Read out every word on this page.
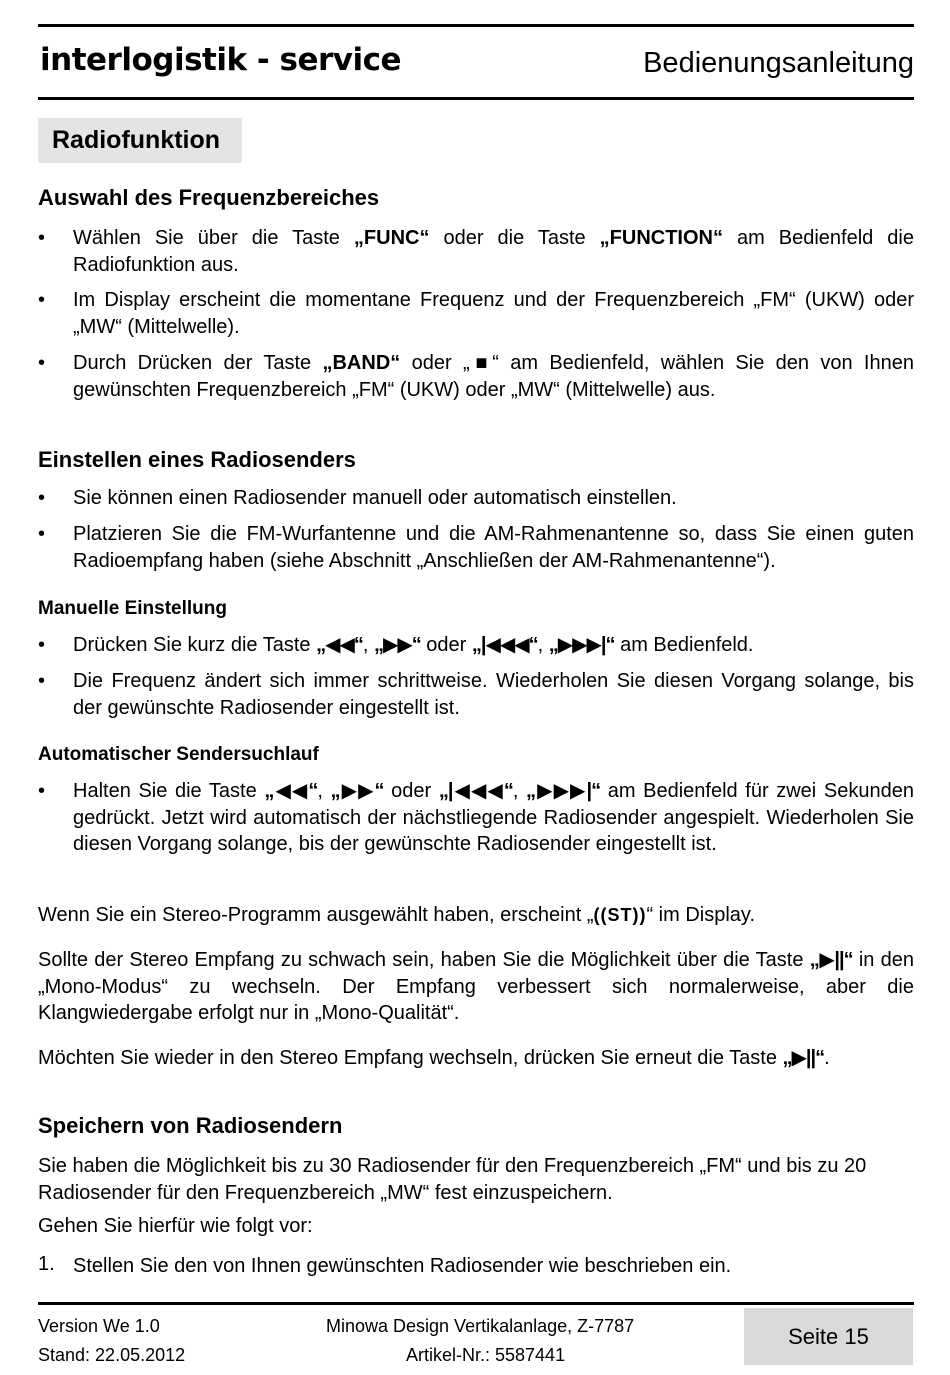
interlogistik - service	Bedienungsanleitung
Radiofunktion
Auswahl des Frequenzbereiches
• Wählen Sie über die Taste „FUNC“ oder die Taste „FUNCTION“ am Bedienfeld die Radiofunktion aus.
• Im Display erscheint die momentane Frequenz und der Frequenzbereich „FM“ (UKW) oder „MW“ (Mittelwelle).
• Durch Drücken der Taste „BAND“ oder „■“ am Bedienfeld, wählen Sie den von Ihnen gewünschten Frequenzbereich „FM“ (UKW) oder „MW“ (Mittelwelle) aus.
Einstellen eines Radiosenders
• Sie können einen Radiosender manuell oder automatisch einstellen.
• Platzieren Sie die FM-Wurfantenne und die AM-Rahmenantenne so, dass Sie einen guten Radioempfang haben (siehe Abschnitt „Anschließen der AM-Rahmenantenne“).
Manuelle Einstellung
• Drücken Sie kurz die Taste „◀◀“, „▶▶“ oder „|◀◀◀“, „▶▶▶|“ am Bedienfeld.
• Die Frequenz ändert sich immer schrittweise. Wiederholen Sie diesen Vorgang solange, bis der gewünschte Radiosender eingestellt ist.
Automatischer Sendersuchlauf
• Halten Sie die Taste „◀◀“, „▶▶“ oder „|◀◀◀“, „▶▶▶|“ am Bedienfeld für zwei Sekunden gedrückt. Jetzt wird automatisch der nächstliegende Radiosender angespielt. Wiederholen Sie diesen Vorgang solange, bis der gewünschte Radiosender eingestellt ist.
Wenn Sie ein Stereo-Programm ausgewählt haben, erscheint „((ST))“ im Display.
Sollte der Stereo Empfang zu schwach sein, haben Sie die Möglichkeit über die Taste „▶||“ in den „Mono-Modus“ zu wechseln. Der Empfang verbessert sich normalerweise, aber die Klangwiedergabe erfolgt nur in „Mono-Qualität“.
Möchten Sie wieder in den Stereo Empfang wechseln, drücken Sie erneut die Taste „▶||“.
Speichern von Radiosendern
Sie haben die Möglichkeit bis zu 30 Radiosender für den Frequenzbereich „FM“ und bis zu 20 Radiosender für den Frequenzbereich „MW“ fest einzuspeichern.
Gehen Sie hierfür wie folgt vor:
1. Stellen Sie den von Ihnen gewünschten Radiosender wie beschrieben ein.
Version We 1.0
Stand: 22.05.2012
Minowa Design Vertikalanlage, Z-7787
Artikel-Nr.: 5587441
Seite 15
